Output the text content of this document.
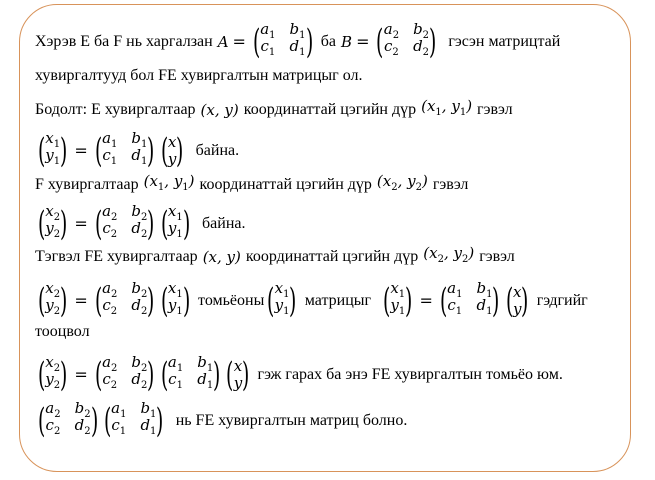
Хэрэв E ба F нь харгалзан A = ( $a_1$ $b_1$
$c_1$ $d_1$ ) ба B = ( $a_2$ $b_2$
$c_2$ $d_2$ ) гэсэн матрицтай
хувиргалтууд бол FE хувиргалтын матрицыг ол.
Бодолт: E хувиргалтаар (x, y) координаттай цэгийн дүр ($x_1$, $y_1$) гэвэл
( $x_1$
$y_1$ ) = ( $a_1$ $b_1$
$c_1$ $d_1$ ) ( x
y ) байна.
F хувиргалтаар ($x_1$, $y_1$) координаттай цэгийн дүр ($x_2$, $y_2$) гэвэл
( $x_2$
$y_2$ ) = ( $a_2$ $b_2$
$c_2$ $d_2$ ) ( $x_1$
$y_1$ ) байна.
Тэгвэл FE хувиргалтаар (x, y) координаттай цэгийн дүр ($x_2$, $y_2$) гэвэл
( $x_2$
$y_2$ ) = ( $a_2$ $b_2$
$c_2$ $d_2$ ) ( $x_1$
$y_1$ ) томьёоны ( $x_1$
$y_1$ ) матрицыг ( $x_1$
$y_1$ ) = ( $a_1$ $b_1$
$c_1$ $d_1$ ) ( x
y ) гэдгийг
тооцвол
( $x_2$
$y_2$ ) = ( $a_2$ $b_2$
$c_2$ $d_2$ ) ( $a_1$ $b_1$
$c_1$ $d_1$ ) ( x
y ) гэж гарах ба энэ FE хувиргалтын томьёо юм.
( $a_2$ $b_2$
$c_2$ $d_2$ ) ( $a_1$ $b_1$
$c_1$ $d_1$ ) нь FE хувиргалтын матриц болно.
